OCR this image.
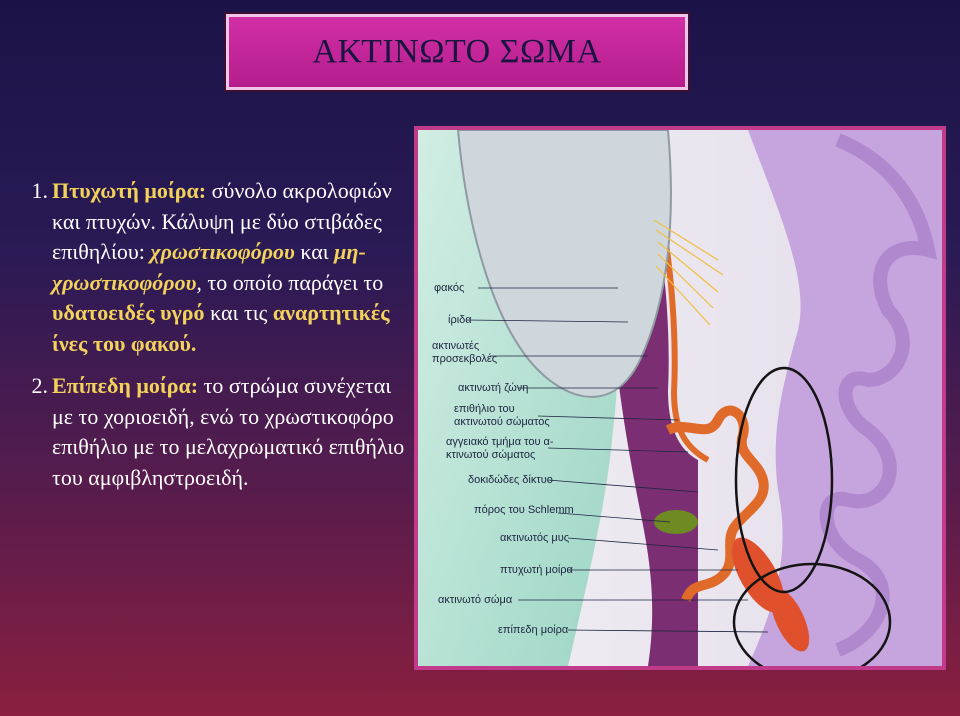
ΑΚΤΙΝΩΤΟ ΣΩΜΑ
1. Πτυχωτή μοίρα: σύνολο ακρολοφιών και πτυχών. Κάλυψη με δύο στιβάδες επιθηλίου: χρωστικοφόρου και μη-χρωστικοφόρου, το οποίο παράγει το υδατοειδές υγρό και τις αναρτητικές ίνες του φακού.
2. Επίπεδη μοίρα: το στρώμα συνέχεται με το χοριοειδή, ενώ το χρωστικοφόρο επιθήλιο με το μελαχρωματικό επιθήλιο του αμφιβληστροειδή.
φακός
ίριδα
ακτινωτές
προσεκβολές
ακτινωτή ζώνη
επιθήλιο του
ακτινωτού σώματος
αγγειακό τμήμα του α-
κτινωτού σώματος
δοκιδώδες δίκτυο
πόρος του Schlemm
ακτινωτός μυς
πτυχωτή μοίρα
ακτινωτό σώμα
επίπεδη μοίρα
